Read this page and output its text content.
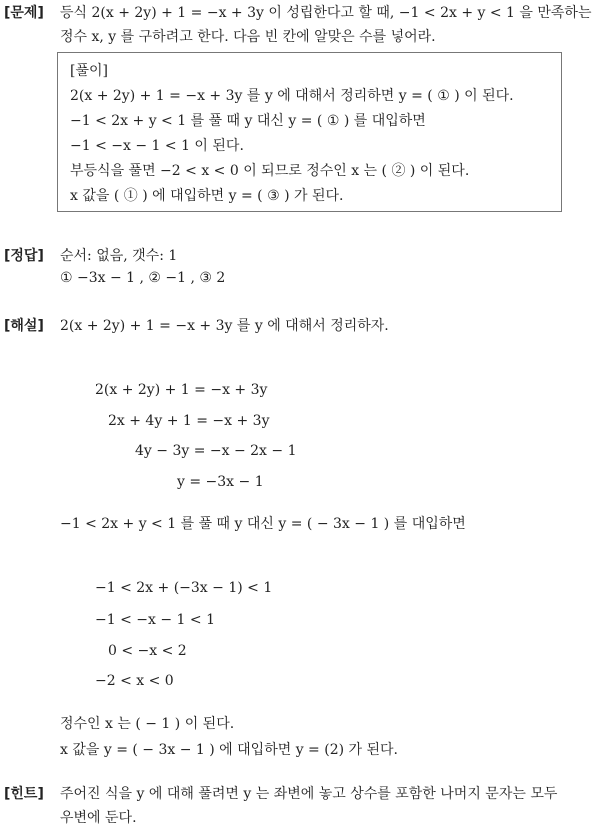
[문제] 등식 2(x + 2y) + 1 = −x + 3y 이 성립한다고 할 때, −1 < 2x + y < 1 을 만족하는
정수 x, y 를 구하려고 한다. 다음 빈 칸에 알맞은 수를 넣어라.
[풀이]
2(x + 2y) + 1 = −x + 3y 를 y 에 대해서 정리하면 y = ( ① ) 이 된다.
−1 < 2x + y < 1 를 풀 때 y 대신 y = ( ① ) 를 대입하면
−1 < −x − 1 < 1 이 된다.
부등식을 풀면 −2 < x < 0 이 되므로 정수인 x 는 ( ② ) 이 된다.
x 값을 ( ① ) 에 대입하면 y = ( ③ ) 가 된다.
[정답] 순서: 없음, 갯수: 1
① −3x − 1 , ② −1 , ③ 2
[해설] 2(x + 2y) + 1 = −x + 3y 를 y 에 대해서 정리하자.
2(x + 2y) + 1 = −x + 3y
2x + 4y + 1 = −x + 3y
4y − 3y = −x − 2x − 1
y = −3x − 1
−1 < 2x + y < 1 를 풀 때 y 대신 y = ( − 3x − 1 ) 를 대입하면
−1 < 2x + (−3x − 1) < 1
−1 < −x − 1 < 1
0 < −x < 2
−2 < x < 0
정수인 x 는 ( − 1 ) 이 된다.
x 값을 y = ( − 3x − 1 ) 에 대입하면 y = (2) 가 된다.
[힌트] 주어진 식을 y 에 대해 풀려면 y 는 좌변에 놓고 상수를 포함한 나머지 문자는 모두
우변에 둔다.
